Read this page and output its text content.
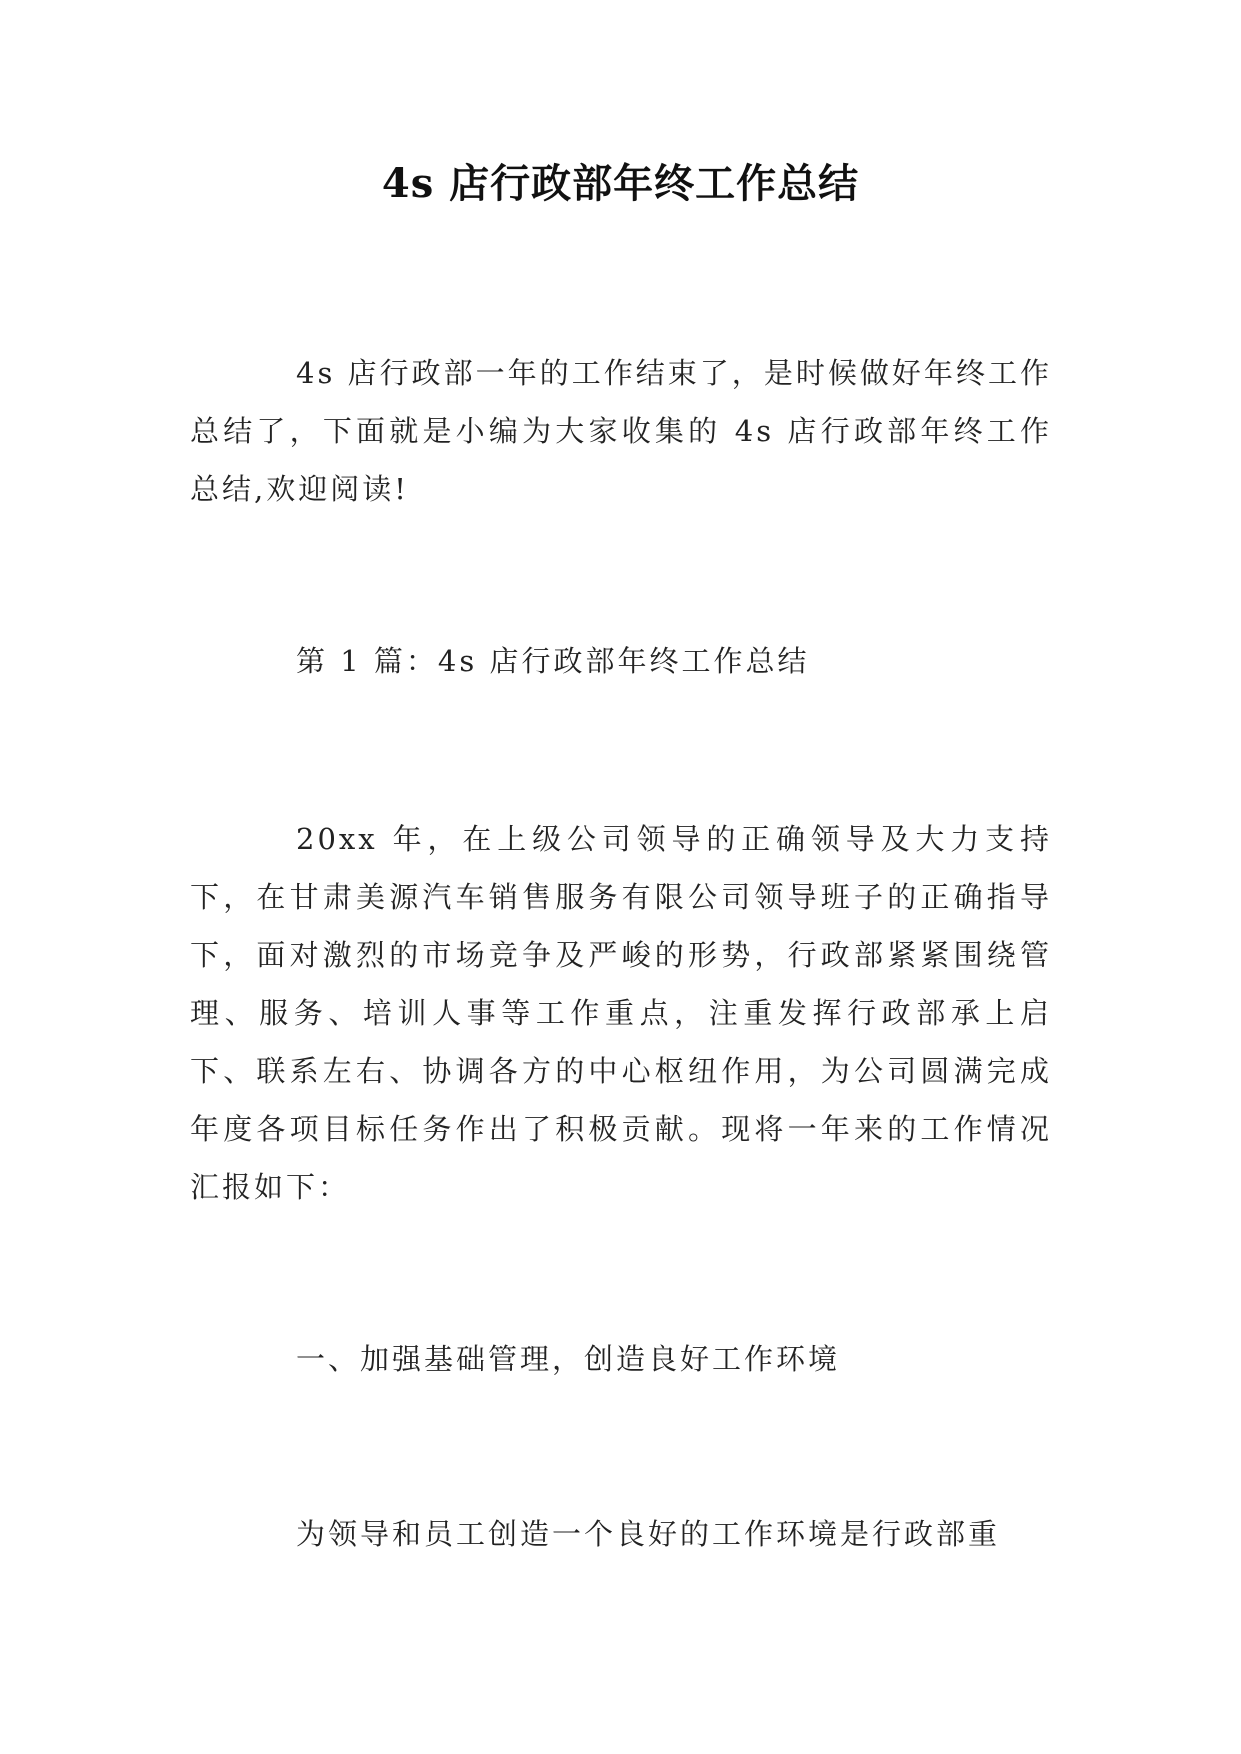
4s 店行政部年终工作总结
4s 店行政部一年的工作结束了，是时候做好年终工作总结了，下面就是小编为大家收集的 4s 店行政部年终工作总结,欢迎阅读!
第 1 篇：4s 店行政部年终工作总结
20xx 年，在上级公司领导的正确领导及大力支持下，在甘肃美源汽车销售服务有限公司领导班子的正确指导下，面对激烈的市场竞争及严峻的形势，行政部紧紧围绕管理、服务、培训人事等工作重点，注重发挥行政部承上启下、联系左右、协调各方的中心枢纽作用，为公司圆满完成年度各项目标任务作出了积极贡献。现将一年来的工作情况汇报如下：
一、加强基础管理，创造良好工作环境
为领导和员工创造一个良好的工作环境是行政部重
